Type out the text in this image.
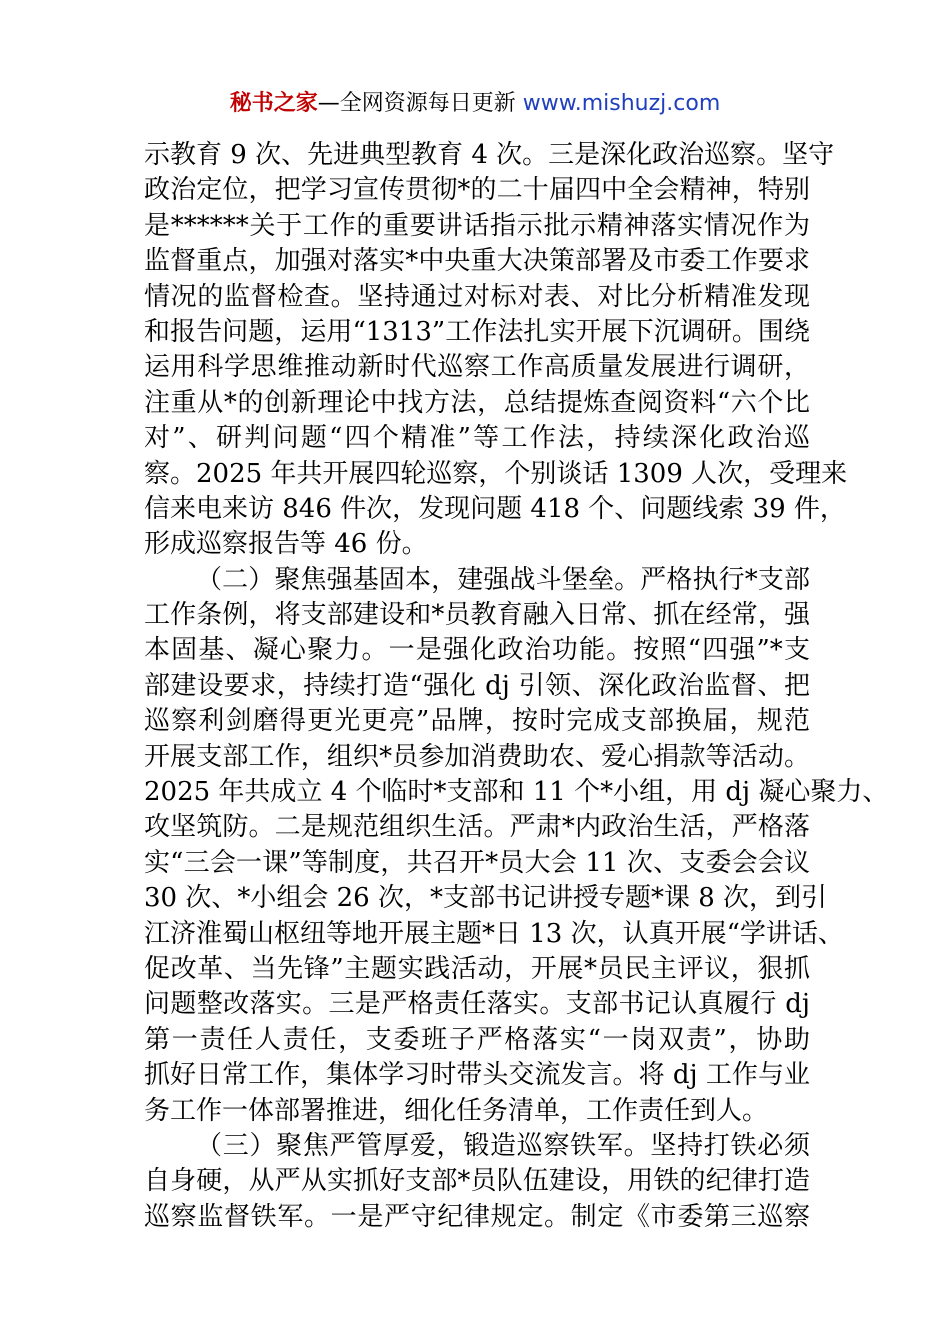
秘书之家—全网资源每日更新 www.mishuzj.com
示教育 9 次、先进典型教育 4 次。三是深化政治巡察。坚守
政治定位，把学习宣传贯彻*的二十届四中全会精神，特别
是******关于工作的重要讲话指示批示精神落实情况作为
监督重点，加强对落实*中央重大决策部署及市委工作要求
情况的监督检查。坚持通过对标对表、对比分析精准发现
和报告问题，运用“1313”工作法扎实开展下沉调研。围绕
运用科学思维推动新时代巡察工作高质量发展进行调研，
注重从*的创新理论中找方法，总结提炼查阅资料“六个比
对”、研判问题“四个精准”等工作法，持续深化政治巡
察。2025 年共开展四轮巡察，个别谈话 1309 人次，受理来
信来电来访 846 件次，发现问题 418 个、问题线索 39 件，
形成巡察报告等 46 份。
（二）聚焦强基固本，建强战斗堡垒。严格执行*支部
工作条例，将支部建设和*员教育融入日常、抓在经常，强
本固基、凝心聚力。一是强化政治功能。按照“四强”*支
部建设要求，持续打造“强化 dj 引领、深化政治监督、把
巡察利剑磨得更光更亮”品牌，按时完成支部换届，规范
开展支部工作，组织*员参加消费助农、爱心捐款等活动。
2025 年共成立 4 个临时*支部和 11 个*小组，用 dj 凝心聚力、
攻坚筑防。二是规范组织生活。严肃*内政治生活，严格落
实“三会一课”等制度，共召开*员大会 11 次、支委会会议
30 次、*小组会 26 次，*支部书记讲授专题*课 8 次，到引
江济淮蜀山枢纽等地开展主题*日 13 次，认真开展“学讲话、
促改革、当先锋”主题实践活动，开展*员民主评议，狠抓
问题整改落实。三是严格责任落实。支部书记认真履行 dj
第一责任人责任，支委班子严格落实“一岗双责”，协助
抓好日常工作，集体学习时带头交流发言。将 dj 工作与业
务工作一体部署推进，细化任务清单，工作责任到人。
（三）聚焦严管厚爱，锻造巡察铁军。坚持打铁必须
自身硬，从严从实抓好支部*员队伍建设，用铁的纪律打造
巡察监督铁军。一是严守纪律规定。制定《市委第三巡察
